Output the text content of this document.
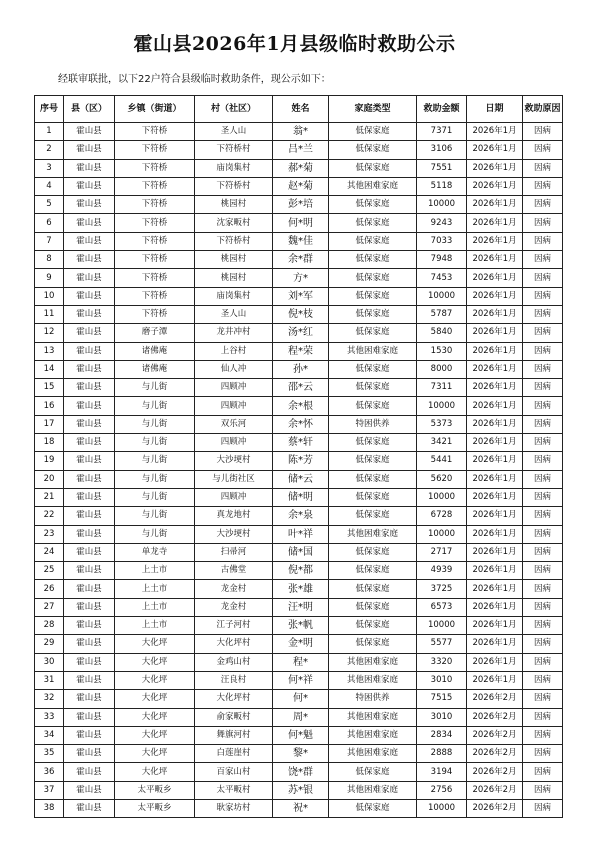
霍山县2026年1月县级临时救助公示
经联审联批，以下22户符合县级临时救助条件，现公示如下：
序号	县（区）	乡镇（街道）	村（社区）	姓名	家庭类型	救助金额	日期	救助原因
1	霍山县	下符桥	圣人山	翁*	低保家庭	7371	2026年1月	因病
2	霍山县	下符桥	下符桥村	吕*兰	低保家庭	3106	2026年1月	因病
3	霍山县	下符桥	庙岗集村	郝*菊	低保家庭	7551	2026年1月	因病
4	霍山县	下符桥	下符桥村	赵*菊	其他困难家庭	5118	2026年1月	因病
5	霍山县	下符桥	桃园村	彭*培	低保家庭	10000	2026年1月	因病
6	霍山县	下符桥	沈家畈村	何*明	低保家庭	9243	2026年1月	因病
7	霍山县	下符桥	下符桥村	魏*佳	低保家庭	7033	2026年1月	因病
8	霍山县	下符桥	桃园村	余*群	低保家庭	7948	2026年1月	因病
9	霍山县	下符桥	桃园村	方*	低保家庭	7453	2026年1月	因病
10	霍山县	下符桥	庙岗集村	刘*军	低保家庭	10000	2026年1月	因病
11	霍山县	下符桥	圣人山	倪*枝	低保家庭	5787	2026年1月	因病
12	霍山县	磨子潭	龙井冲村	汤*红	低保家庭	5840	2026年1月	因病
13	霍山县	诸佛庵	上谷村	程*荣	其他困难家庭	1530	2026年1月	因病
14	霍山县	诸佛庵	仙人冲	孙*	低保家庭	8000	2026年1月	因病
15	霍山县	与儿街	四顾冲	邵*云	低保家庭	7311	2026年1月	因病
16	霍山县	与儿街	四顾冲	余*根	低保家庭	10000	2026年1月	因病
17	霍山县	与儿街	双乐河	余*怀	特困供养	5373	2026年1月	因病
18	霍山县	与儿街	四顾冲	蔡*轩	低保家庭	3421	2026年1月	因病
19	霍山县	与儿街	大沙埂村	陈*芳	低保家庭	5441	2026年1月	因病
20	霍山县	与儿街	与儿街社区	储*云	低保家庭	5620	2026年1月	因病
21	霍山县	与儿街	四顾冲	储*明	低保家庭	10000	2026年1月	因病
22	霍山县	与儿街	真龙地村	余*泉	低保家庭	6728	2026年1月	因病
23	霍山县	与儿街	大沙埂村	叶*祥	其他困难家庭	10000	2026年1月	因病
24	霍山县	单龙寺	扫帚河	储*国	低保家庭	2717	2026年1月	因病
25	霍山县	上土市	古佛堂	倪*都	低保家庭	4939	2026年1月	因病
26	霍山县	上土市	龙金村	张*雄	低保家庭	3725	2026年1月	因病
27	霍山县	上土市	龙金村	汪*明	低保家庭	6573	2026年1月	因病
28	霍山县	上土市	江子河村	张*帆	低保家庭	10000	2026年1月	因病
29	霍山县	大化坪	大化坪村	金*明	低保家庭	5577	2026年1月	因病
30	霍山县	大化坪	金鸡山村	程*	其他困难家庭	3320	2026年1月	因病
31	霍山县	大化坪	汪良村	何*祥	其他困难家庭	3010	2026年1月	因病
32	霍山县	大化坪	大化坪村	何*	特困供养	7515	2026年2月	因病
33	霍山县	大化坪	俞家畈村	周*	其他困难家庭	3010	2026年2月	因病
34	霍山县	大化坪	舞旗河村	何*魁	其他困难家庭	2834	2026年2月	因病
35	霍山县	大化坪	白莲崖村	黎*	其他困难家庭	2888	2026年2月	因病
36	霍山县	大化坪	百家山村	饶*群	低保家庭	3194	2026年2月	因病
37	霍山县	太平畈乡	太平畈村	苏*银	其他困难家庭	2756	2026年2月	因病
38	霍山县	太平畈乡	耿家坊村	祝*	低保家庭	10000	2026年2月	因病
